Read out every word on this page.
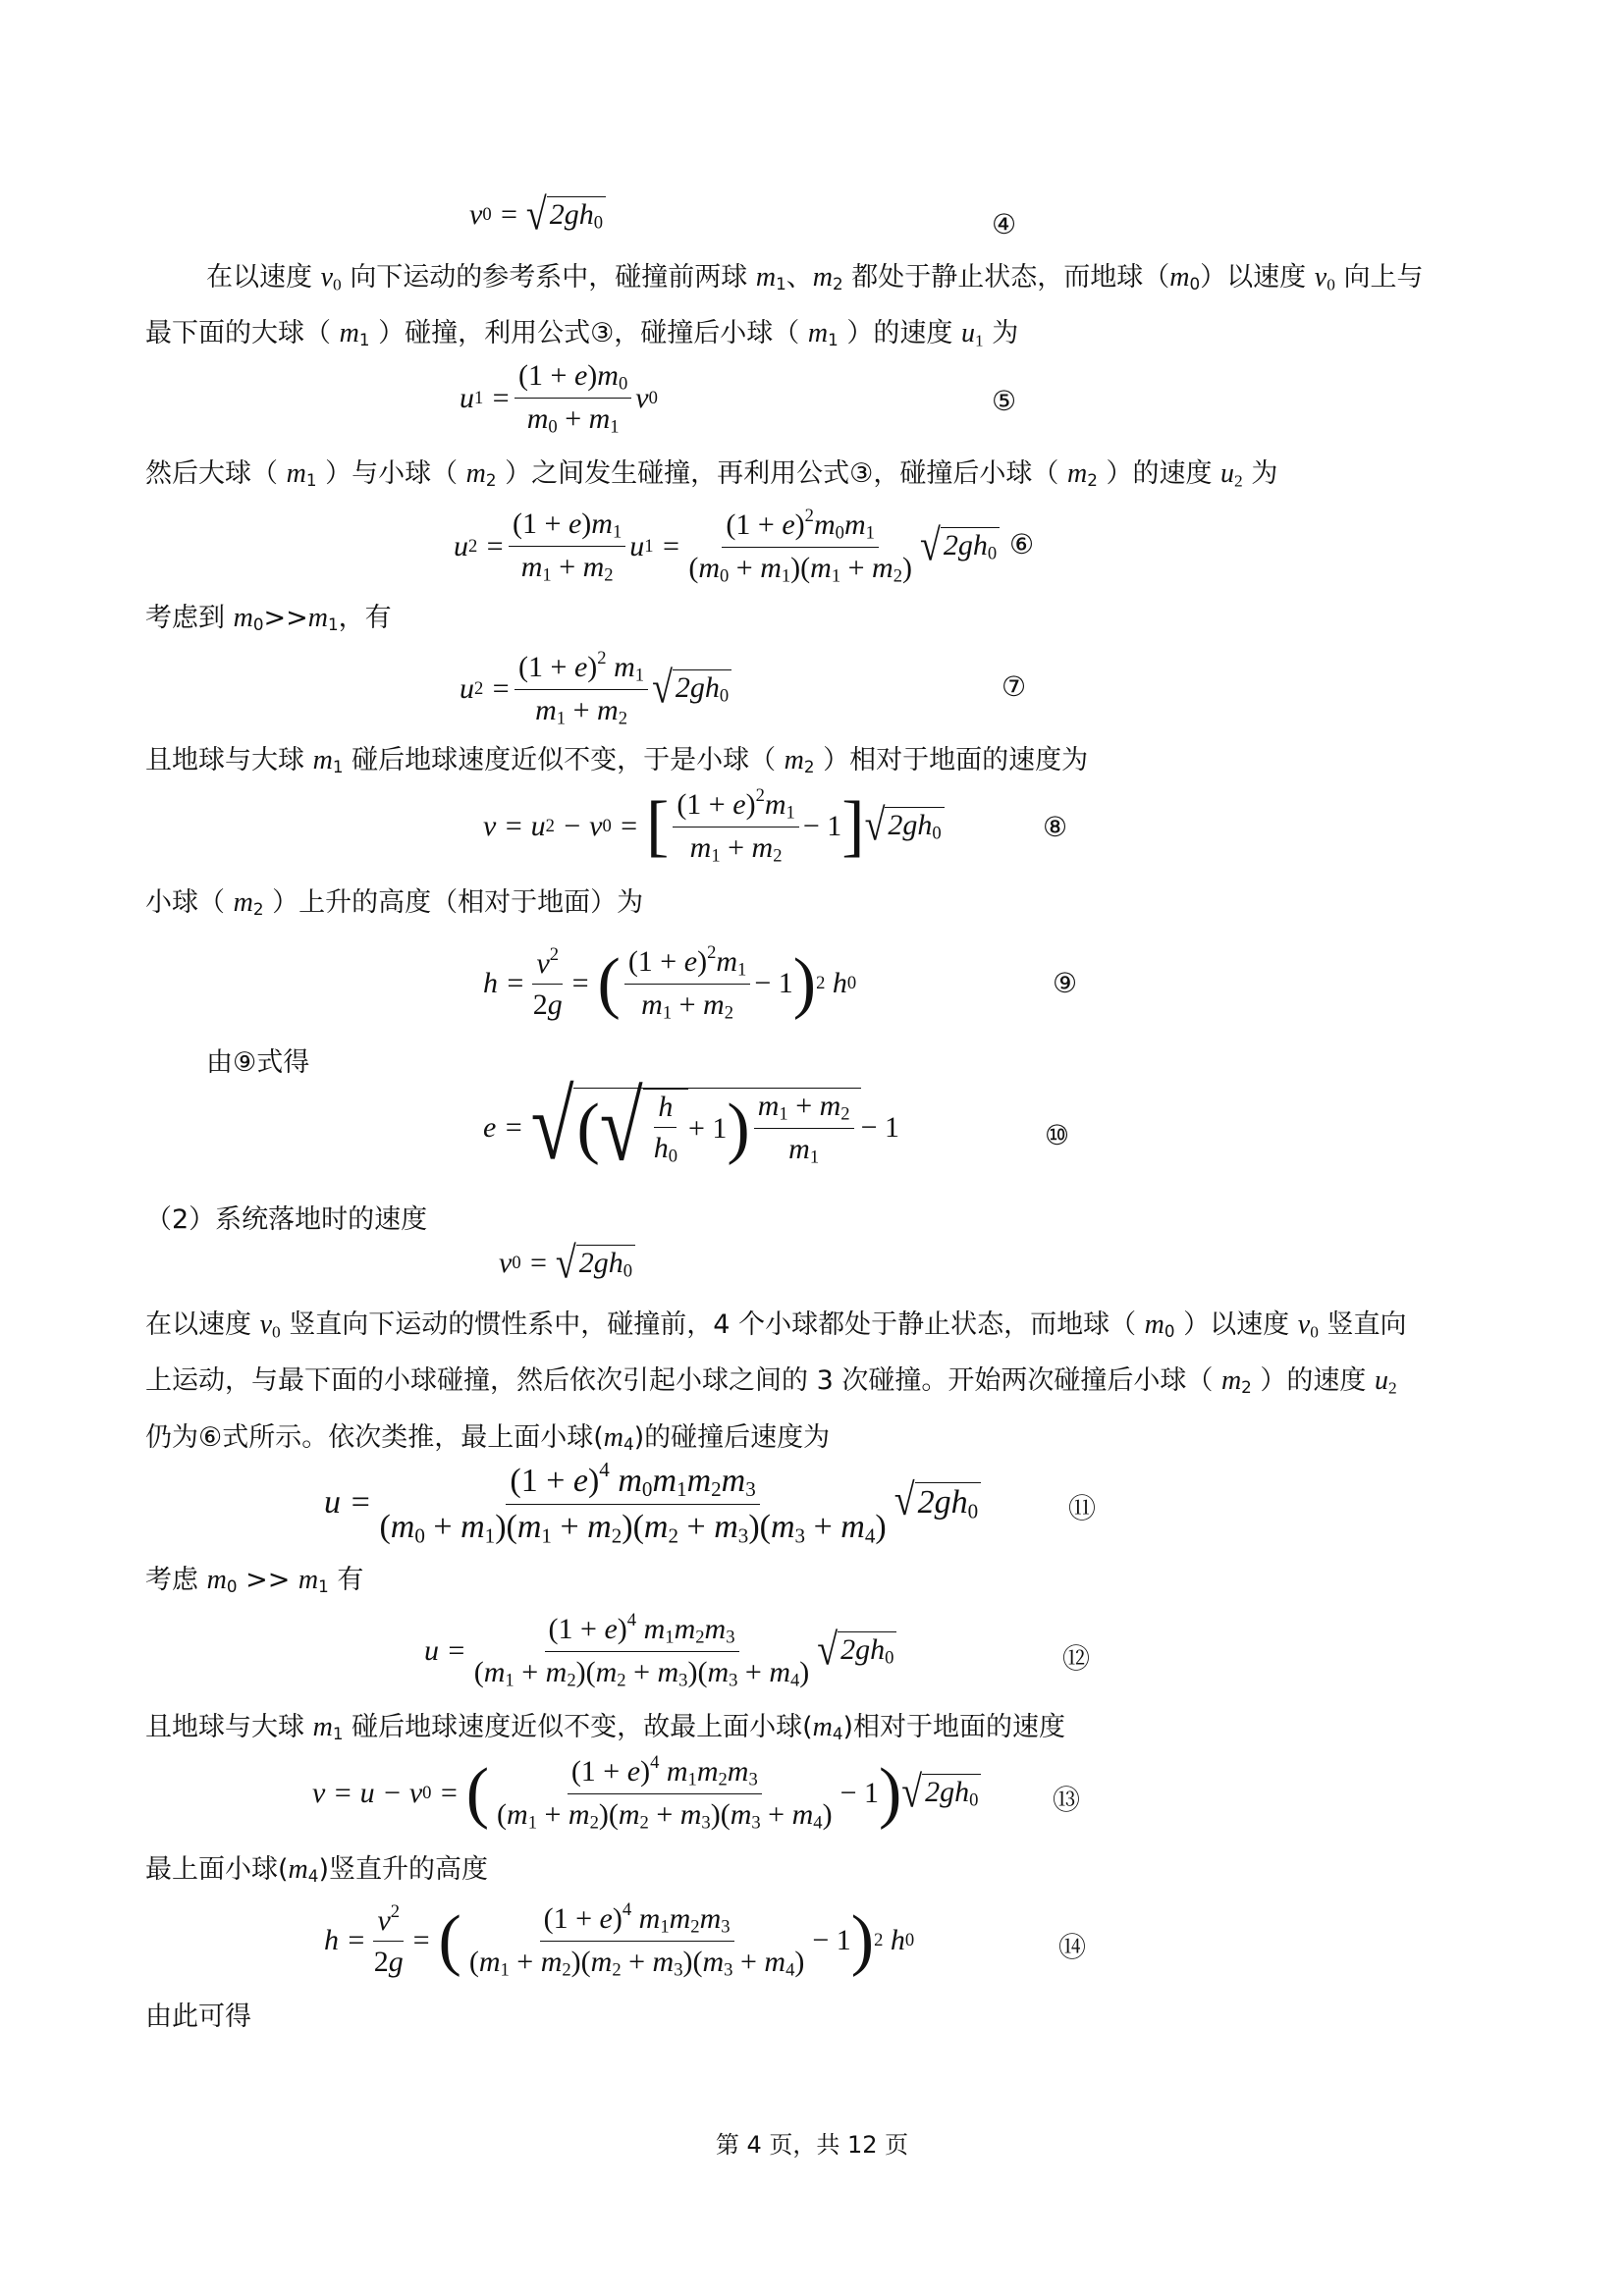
v 0 = √ $2gh_0$	④
在以速度 $v_0$ 向下运动的参考系中，碰撞前两球 $m_1$、$m_2$ 都处于静止状态，而地球$(m_0)$以速度 $v_0$ 向上与
最下面的大球（ $m_1$ ）碰撞，利用公式③，碰撞后小球（ $m_1$ ）的速度 $u_1$ 为
u $1 = \frac{(1 + e)m_0}{m_0 + m_1}$ v 0	⑤
然后大球（ $m_1$ ）与小球（ $m_2$ ）之间发生碰撞，再利用公式③，碰撞后小球（ $m_2$ ）的速度 $u_2$ 为
u $2 = \frac{(1 + e)m_1}{m_1 + m_2}$ u $1 = \frac{(1 + e)^2m_0m_1}{(m_0 + m_1)(m_1 + m_2)}$ √ $2gh_0$ ⑥
考虑到 $m_0>>m_1$，有
u $2 = \frac{(1 + e)^2 m_1}{m_1 + m_2}$ √ $2gh_0$	⑦
且地球与大球 $m_1$ 碰后地球速度近似不变，于是小球（ $m_2$ ）相对于地面的速度为
v = u 2 − v 0 = [ $\frac{(1 + e)^2m_1}{m_1 + m_2} - 1$ ] √ $2gh_0$	⑧
小球（ $m_2$ ）上升的高度（相对于地面）为
$h = \frac{v^2}{2g}$ = ( $\frac{(1 + e)^2m_1}{m_1 + m_2} - 1$ ) 2
h 0	⑨
由⑨式得
e = √ ( √ $\frac{h}{h_0} + 1$ ) $\frac{m_1 + m_2}{m_1} - 1$	⑩
（2）系统落地时的速度
v 0 = √ $2gh_0$
在以速度 $v_0$ 竖直向下运动的惯性系中，碰撞前，4 个小球都处于静止状态，而地球（ $m_0$ ）以速度 $v_0$ 竖直向
上运动，与最下面的小球碰撞，然后依次引起小球之间的 3 次碰撞。开始两次碰撞后小球（ $m_2$ ）的速度 $u_2$
仍为⑥式所示。依次类推，最上面小球$(m_4)$的碰撞后速度为
$u = \frac{(1 + e)^4 m_0m_1m_2m_3}{(m_0 + m_1)(m_1 + m_2)(m_2 + m_3)(m_3 + m_4)}$ √ $2gh_0$	⑪
考虑 $m_0 >> m_1$ 有
$u = \frac{(1 + e)^4 m_1m_2m_3}{(m_1 + m_2)(m_2 + m_3)(m_3 + m_4)}$ √ $2gh_0$	⑫
且地球与大球 $m_1$ 碰后地球速度近似不变，故最上面小球$(m_4)$相对于地面的速度
v = u − v 0 = ( $\frac{(1 + e)^4 m_1m_2m_3}{(m_1 + m_2)(m_2 + m_3)(m_3 + m_4)} - 1$ ) √ $2gh_0$	⑬
最上面小球$(m_4)$竖直升的高度
$h = \frac{v^2}{2g}$ = ( $\frac{(1 + e)^4 m_1m_2m_3}{(m_1 + m_2)(m_2 + m_3)(m_3 + m_4)} - 1$ ) 2
h 0	⑭
由此可得
第 4 页，共 12 页
